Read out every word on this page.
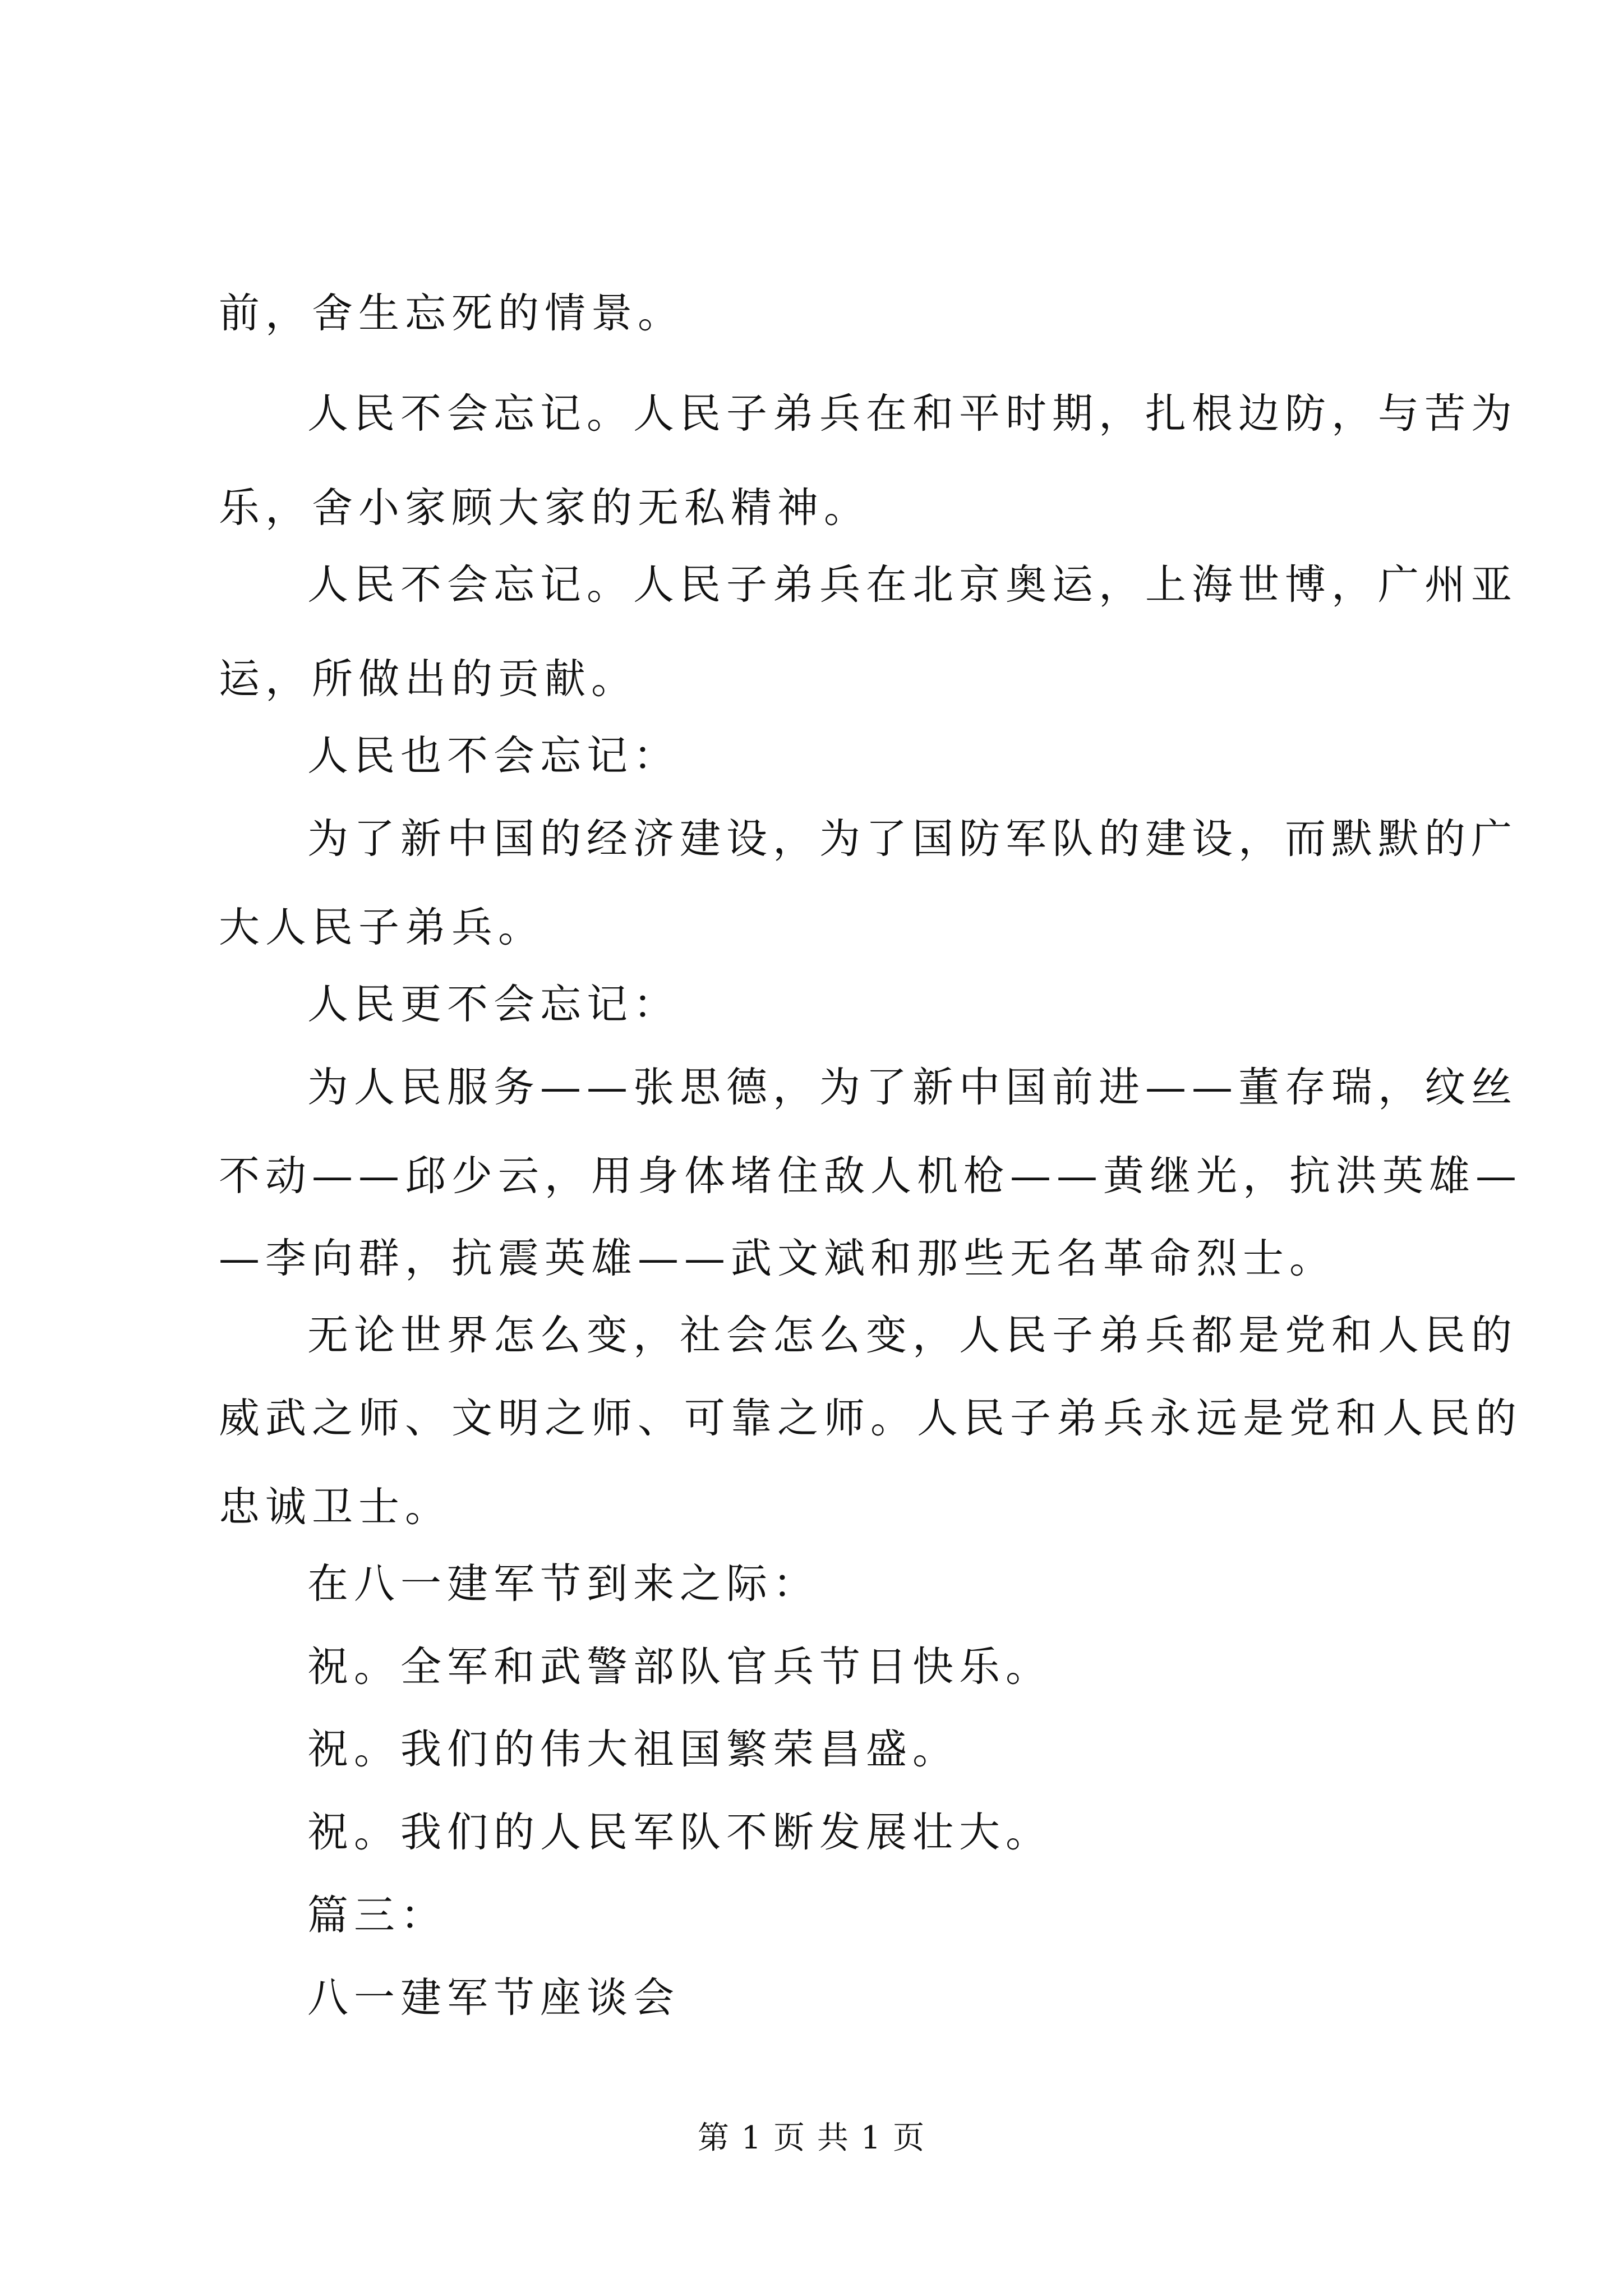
前，舍生忘死的情景。
人民不会忘记。人民子弟兵在和平时期，扎根边防，与苦为
乐，舍小家顾大家的无私精神。
人民不会忘记。人民子弟兵在北京奥运，上海世博，广州亚
运，所做出的贡献。
人民也不会忘记：
为了新中国的经济建设，为了国防军队的建设，而默默的广
大人民子弟兵。
人民更不会忘记：
为人民服务——张思德，为了新中国前进——董存瑞，纹丝
不动——邱少云，用身体堵住敌人机枪——黄继光，抗洪英雄—
—李向群，抗震英雄——武文斌和那些无名革命烈士。
无论世界怎么变，社会怎么变，人民子弟兵都是党和人民的
威武之师、文明之师、可靠之师。人民子弟兵永远是党和人民的
忠诚卫士。
在八一建军节到来之际：
祝。全军和武警部队官兵节日快乐。
祝。我们的伟大祖国繁荣昌盛。
祝。我们的人民军队不断发展壮大。
篇三：
八一建军节座谈会
第 1 页 共 1 页
